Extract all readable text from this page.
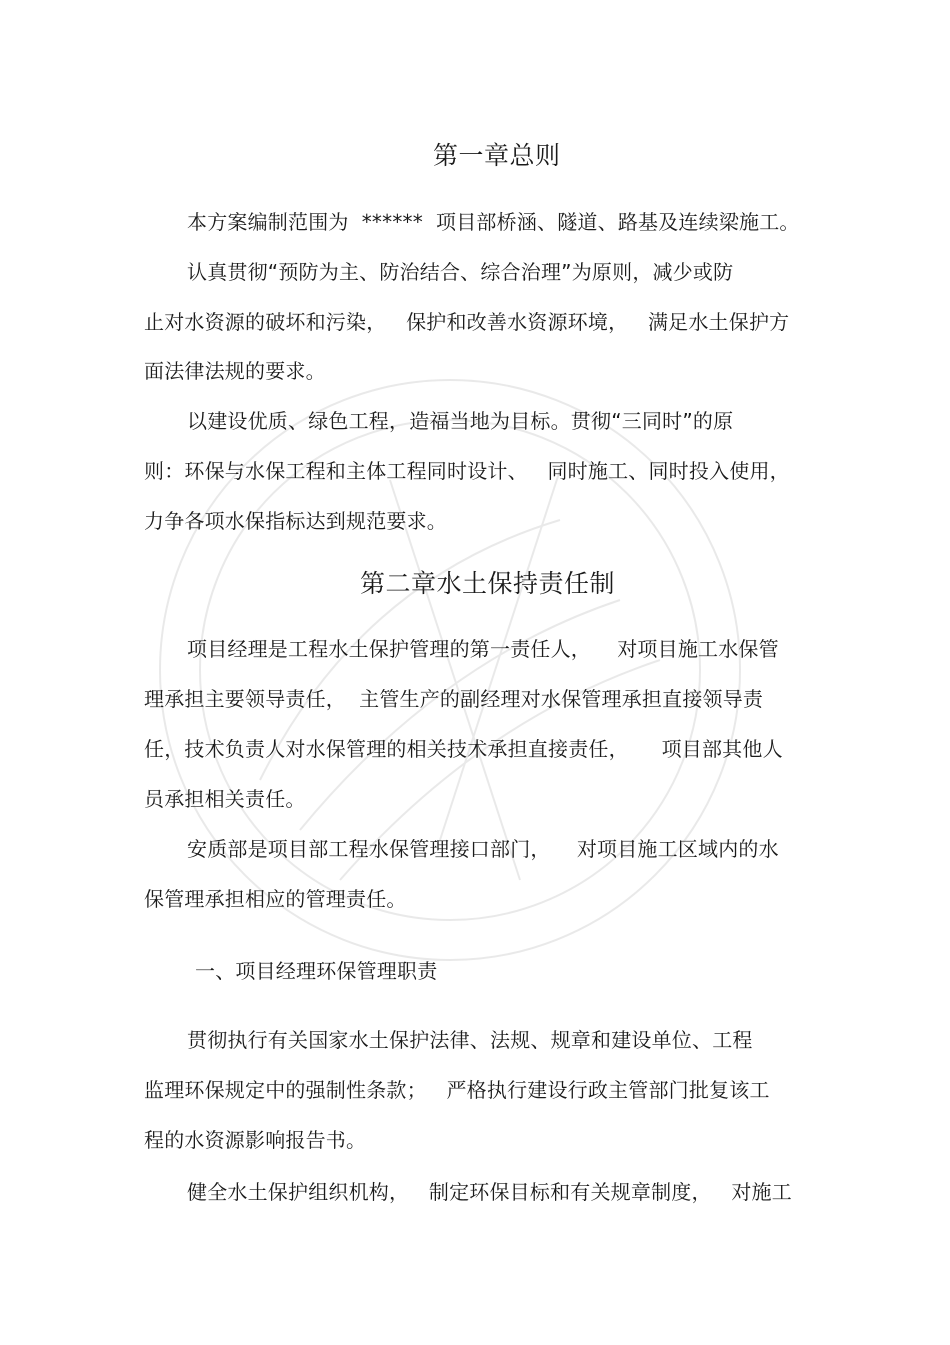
第一章总则
本方案编制范围为  ******  项目部桥涵、隧道、路基及连续梁施工。
认真贯彻“预防为主、防治结合、综合治理”为原则，减少或防
止对水资源的破坏和污染，   保护和改善水资源环境，   满足水土保护方
面法律法规的要求。
以建设优质、绿色工程，造福当地为目标。贯彻“三同时”的原
则：环保与水保工程和主体工程同时设计、   同时施工、同时投入使用，
力争各项水保指标达到规范要求。
第二章水土保持责任制
项目经理是工程水土保护管理的第一责任人，    对项目施工水保管
理承担主要领导责任，  主管生产的副经理对水保管理承担直接领导责
任，技术负责人对水保管理的相关技术承担直接责任，     项目部其他人
员承担相关责任。
安质部是项目部工程水保管理接口部门，    对项目施工区域内的水
保管理承担相应的管理责任。
一、项目经理环保管理职责
贯彻执行有关国家水土保护法律、法规、规章和建设单位、工程
监理环保规定中的强制性条款；   严格执行建设行政主管部门批复该工
程的水资源影响报告书。
健全水土保护组织机构，   制定环保目标和有关规章制度，   对施工
